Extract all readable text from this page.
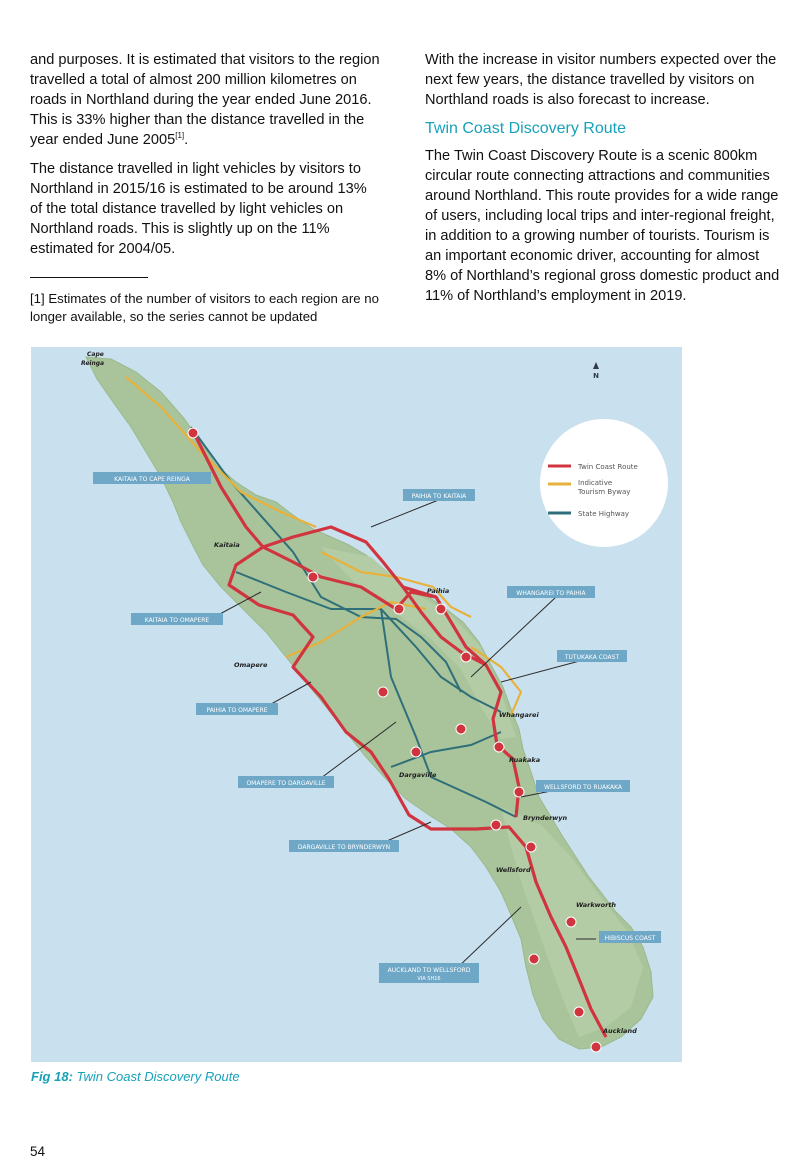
and purposes. It is estimated that visitors to the region travelled a total of almost 200 million kilometres on roads in Northland during the year ended June 2016. This is 33% higher than the distance travelled in the year ended June 2005[1].

The distance travelled in light vehicles by visitors to Northland in 2015/16 is estimated to be around 13% of the total distance travelled by light vehicles on Northland roads. This is slightly up on the 11% estimated for 2004/05.

[1] Estimates of the number of visitors to each region are no longer available, so the series cannot be updated

With the increase in visitor numbers expected over the next few years, the distance travelled by visitors on Northland roads is also forecast to increase.

Twin Coast Discovery Route

The Twin Coast Discovery Route is a scenic 800km circular route connecting attractions and communities around Northland. This route provides for a wide range of users, including local trips and inter-regional freight, in addition to a growing number of tourists. Tourism is an important economic driver, accounting for almost 8% of Northland’s regional gross domestic product and 11% of Northland’s employment in 2019.

KAITAIA TO CAPE REINGA
PAIHIA TO KAITAIA
WHANGAREI TO PAIHIA
KAITAIA TO OMAPERE
TUTUKAKA COAST
PAIHIA TO OMAPERE
OMAPERE TO DARGAVILLE
WELLSFORD TO RUAKAKA
DARGAVILLE TO BRYNDERWYN
HIBISCUS COAST
AUCKLAND TO WELLSFORD
VIA SH16
Cape
Reinga
Kaitaia
Paihia
Omapere
Whangarei
Ruakaka
Dargaville
Brynderwyn
Wellsford
Warkworth
Auckland
N
Twin Coast Route
Indicative
Tourism Byway
State Highway
Fig 18: Twin Coast Discovery Route
54
